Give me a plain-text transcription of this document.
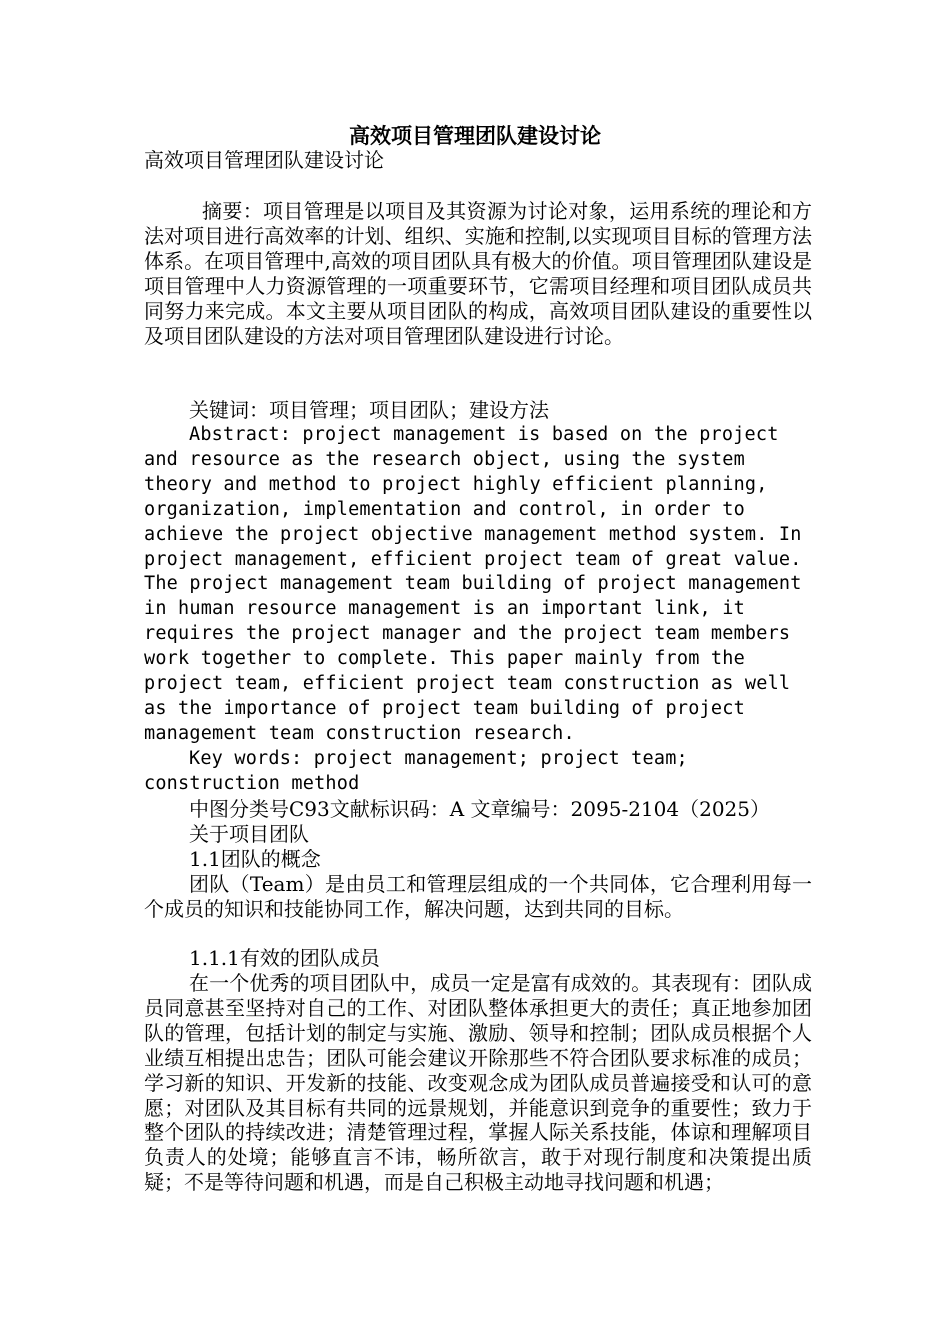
高效项目管理团队建设讨论

高效项目管理团队建设讨论

摘要：项目管理是以项目及其资源为讨论对象，运用系统的理论和方法对项目进行高效率的计划、组织、实施和控制,以实现项目目标的管理方法体系。在项目管理中,高效的项目团队具有极大的价值。项目管理团队建设是项目管理中人力资源管理的一项重要环节，它需项目经理和项目团队成员共同努力来完成。本文主要从项目团队的构成，高效项目团队建设的重要性以及项目团队建设的方法对项目管理团队建设进行讨论。

关键词：项目管理；项目团队；建设方法

Abstract: project management is based on the project and resource as the research object, using the system theory and method to project highly efficient planning, organization, implementation and control, in order to achieve the project objective management method system. In project management, efficient project team of great value. The project management team building of project management in human resource management is an important link, it requires the project manager and the project team members work together to complete. This paper mainly from the project team, efficient project team construction as well as the importance of project team building of project management team construction research.

Key words: project management; project team; construction method

中图分类号C93文献标识码：A 文章编号：2095-2104（2025）

关于项目团队

1.1团队的概念

团队（Team）是由员工和管理层组成的一个共同体，它合理利用每一个成员的知识和技能协同工作，解决问题，达到共同的目标。

1.1.1有效的团队成员

在一个优秀的项目团队中，成员一定是富有成效的。其表现有：团队成员同意甚至坚持对自己的工作、对团队整体承担更大的责任；真正地参加团队的管理，包括计划的制定与实施、激励、领导和控制；团队成员根据个人业绩互相提出忠告；团队可能会建议开除那些不符合团队要求标准的成员；学习新的知识、开发新的技能、改变观念成为团队成员普遍接受和认可的意愿；对团队及其目标有共同的远景规划，并能意识到竞争的重要性；致力于整个团队的持续改进；清楚管理过程，掌握人际关系技能，体谅和理解项目负责人的处境；能够直言不讳，畅所欲言，敢于对现行制度和决策提出质疑；不是等待问题和机遇，而是自己积极主动地寻找问题和机遇；
